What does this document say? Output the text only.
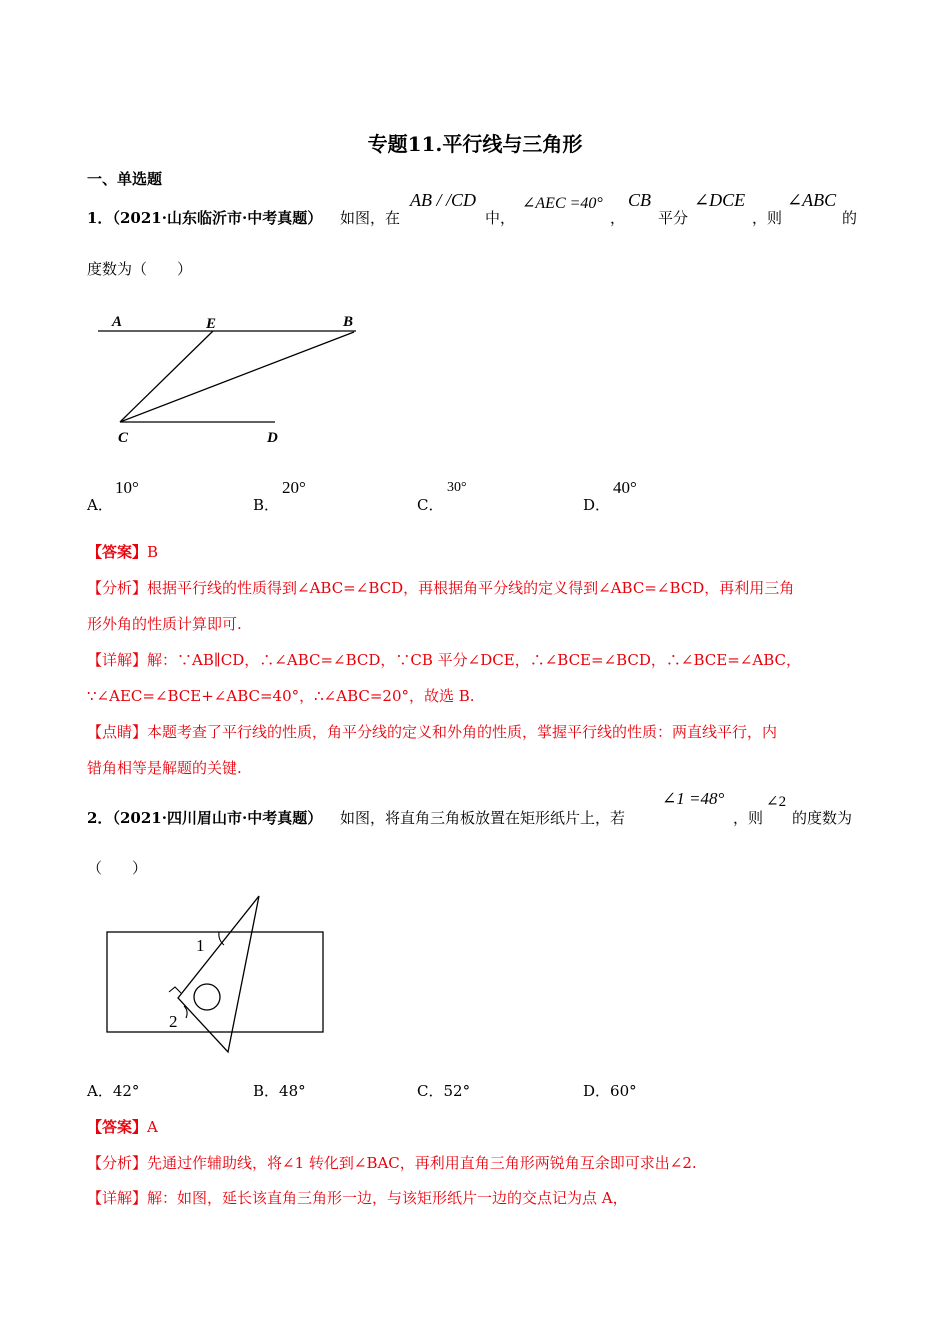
专题11.平行线与三角形
一、单选题
1．
（2021·山东临沂市·中考真题） 如图，在
AB / /CD
中，
∠AEC =40°
，
CB
平分
∠DCE
，则
∠ABC
的
度数为（　　）
A	E	B
C	D
A．
10°
B．
20°
C．
30°
D．
40°
【答案】B
【分析】根据平行线的性质得到∠ABC=∠BCD，再根据角平分线的定义得到∠ABC=∠BCD，再利用三角
形外角的性质计算即可.
【详解】解：∵AB∥CD，∴∠ABC=∠BCD，∵CB 平分∠DCE，∴∠BCE=∠BCD，∴∠BCE=∠ABC，
∵∠AEC=∠BCE+∠ABC=40°，∴∠ABC=20°，故选 B.
【点睛】本题考查了平行线的性质，角平分线的定义和外角的性质，掌握平行线的性质：两直线平行，内
错角相等是解题的关键.
2．
（2021·四川眉山市·中考真题） 如图，将直角三角板放置在矩形纸片上，若
∠1 =48°
，则
∠2
的度数为
（　　）
1
2
A．42°	B．48°	C．52°	D．60°
【答案】A
【分析】先通过作辅助线，将∠1 转化到∠BAC，再利用直角三角形两锐角互余即可求出∠2.
【详解】解：如图，延长该直角三角形一边，与该矩形纸片一边的交点记为点 A，
